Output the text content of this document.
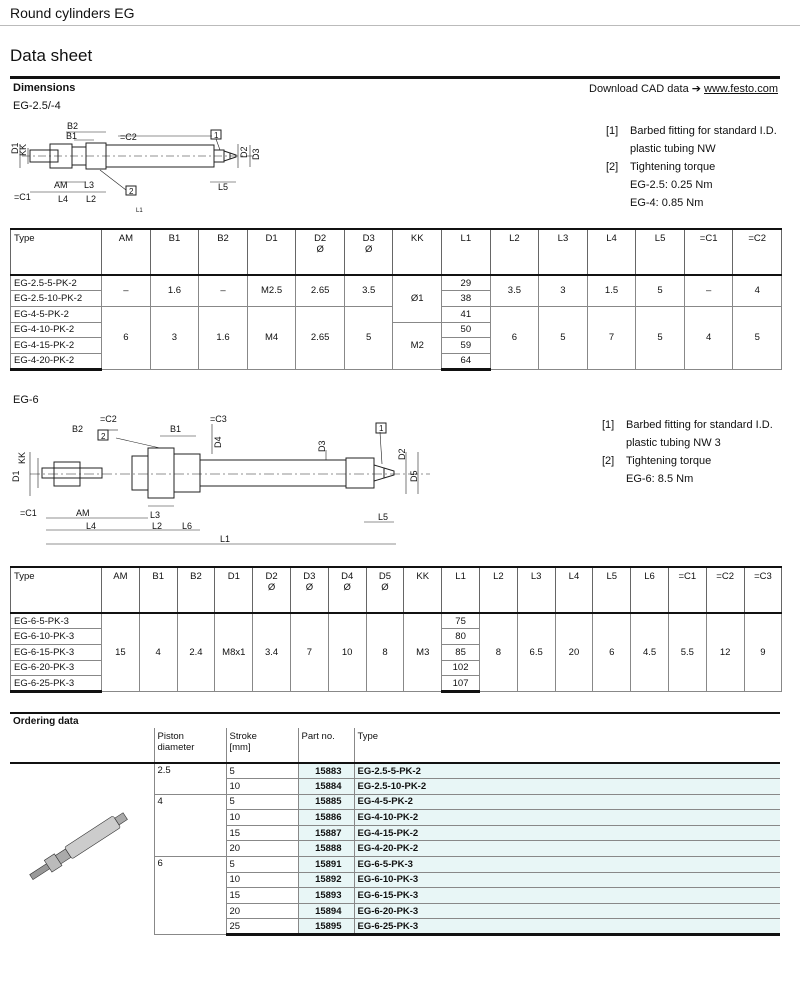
Round cylinders EG
Data sheet
Dimensions	Download CAD data ➔ www.festo.com
EG-2.5/-4
B2
B1	=C2
D1
KK
AM L3
L4 L2
=C1
1
2
D2 D3
L5
L1
[1]	Barbed fitting for standard I.D.
plastic tubing NW
[2]	Tightening torque
EG-2.5: 0.25 Nm
EG-4: 0.85 Nm
Type	AM	B1	B2	D1	D2
Ø	D3
Ø	KK	L1	L2	L3	L4	L5	=C1	=C2
EG-2.5-5-PK-2	–	1.6	–	M2.5	2.65	3.5	Ø1	29	3.5	3	1.5	5	–	4
EG-2.5-10-PK-2								38						
EG-4-5-PK-2	6	3	1.6	M4	2.65	5		41	6	5	7	5	4	5
EG-4-10-PK-2							M2	50						
EG-4-15-PK-2								59						
EG-4-20-PK-2								64						
EG-6
=C2	=C3
2
B2	B1
D4	D3
1
D2
D5
KK
D1
=C1	AM	L3
L4	L2 L6
L5
L1
[1]	Barbed fitting for standard I.D.
plastic tubing NW 3
[2]	Tightening torque
EG-6: 8.5 Nm
Type	AM	B1	B2	D1	D2
Ø	D3
Ø	D4
Ø	D5
Ø	KK	L1	L2	L3	L4	L5	L6	=C1	=C2	=C3
EG-6-5-PK-3	15	4	2.4	M8x1	3.4	7	10	8	M3	75	8	6.5	20	6	4.5	5.5	12	9
EG-6-10-PK-3										80								
EG-6-15-PK-3										85								
EG-6-20-PK-3										102								
EG-6-25-PK-3										107								
Ordering data
	Piston
diameter	Stroke
[mm]	Part no.	Type
	2.5	5	15883	EG-2.5-5-PK-2
		10	15884	EG-2.5-10-PK-2
	4	5	15885	EG-4-5-PK-2
		10	15886	EG-4-10-PK-2
		15	15887	EG-4-15-PK-2
		20	15888	EG-4-20-PK-2
	6	5	15891	EG-6-5-PK-3
		10	15892	EG-6-10-PK-3
		15	15893	EG-6-15-PK-3
		20	15894	EG-6-20-PK-3
		25	15895	EG-6-25-PK-3
